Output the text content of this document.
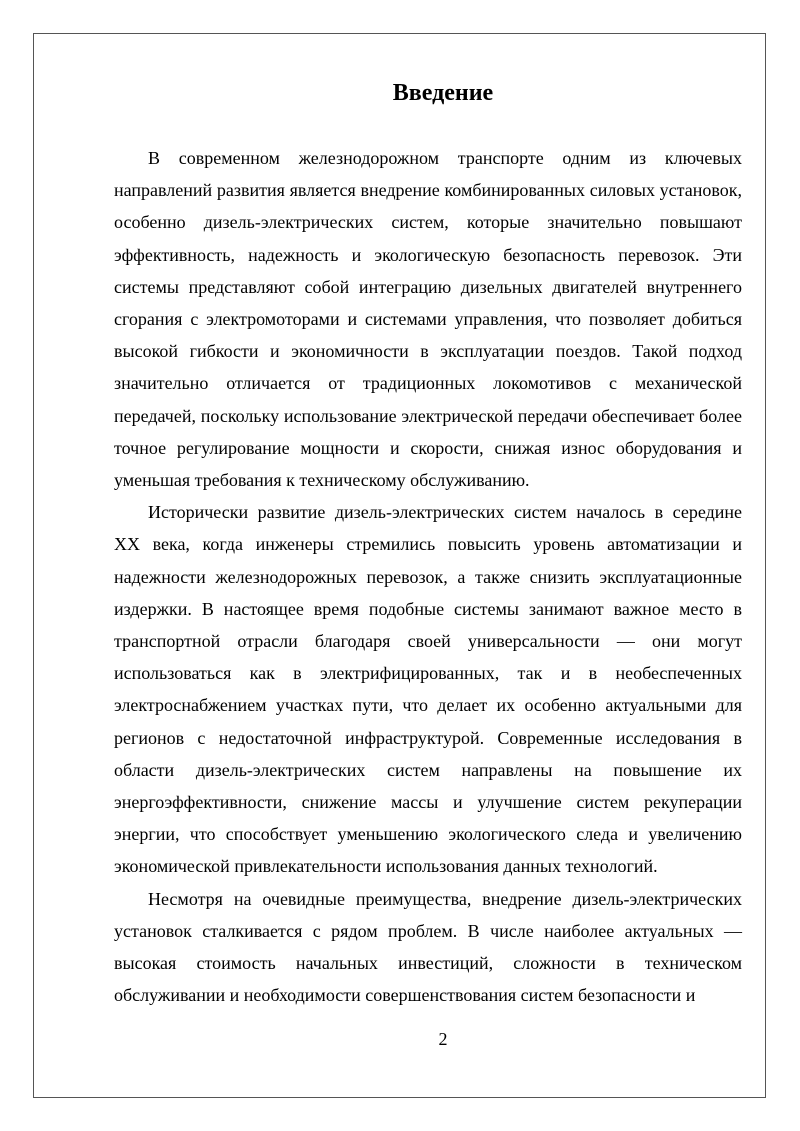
Введение

В современном железнодорожном транспорте одним из ключевых направлений развития является внедрение комбинированных силовых установок, особенно дизель-электрических систем, которые значительно повышают эффективность, надежность и экологическую безопасность перевозок. Эти системы представляют собой интеграцию дизельных двигателей внутреннего сгорания с электромоторами и системами управления, что позволяет добиться высокой гибкости и экономичности в эксплуатации поездов. Такой подход значительно отличается от традиционных локомотивов с механической передачей, поскольку использование электрической передачи обеспечивает более точное регулирование мощности и скорости, снижая износ оборудования и уменьшая требования к техническому обслуживанию.

Исторически развитие дизель-электрических систем началось в середине XX века, когда инженеры стремились повысить уровень автоматизации и надежности железнодорожных перевозок, а также снизить эксплуатационные издержки. В настоящее время подобные системы занимают важное место в транспортной отрасли благодаря своей универсальности — они могут использоваться как в электрифицированных, так и в необеспеченных электроснабжением участках пути, что делает их особенно актуальными для регионов с недостаточной инфраструктурой. Современные исследования в области дизель-электрических систем направлены на повышение их энергоэффективности, снижение массы и улучшение систем рекуперации энергии, что способствует уменьшению экологического следа и увеличению экономической привлекательности использования данных технологий.

Несмотря на очевидные преимущества, внедрение дизель-электрических установок сталкивается с рядом проблем. В числе наиболее актуальных — высокая стоимость начальных инвестиций, сложности в техническом обслуживании и необходимости совершенствования систем безопасности и

2
